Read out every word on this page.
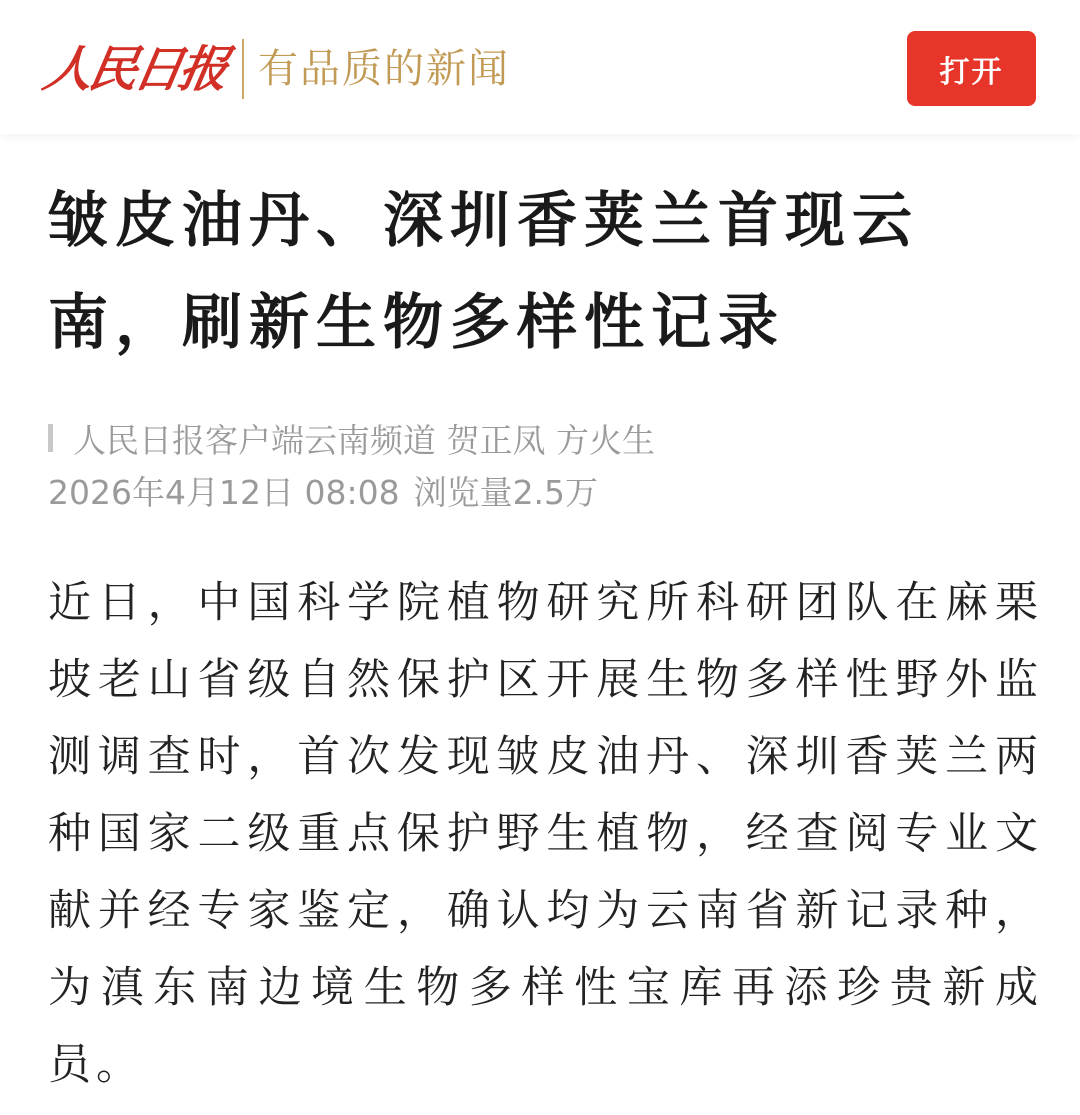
人民日报 有品质的新闻	打开
皱皮油丹、深圳香荚兰首现云南，刷新生物多样性记录
人民日报客户端云南频道 贺正凤 方火生
2026年4月12日 08:08 浏览量2.5万

近日，中国科学院植物研究所科研团队在麻栗坡老山省级自然保护区开展生物多样性野外监测调查时，首次发现皱皮油丹、深圳香荚兰两种国家二级重点保护野生植物，经查阅专业文献并经专家鉴定，确认均为云南省新记录种，为滇东南边境生物多样性宝库再添珍贵新成员。
